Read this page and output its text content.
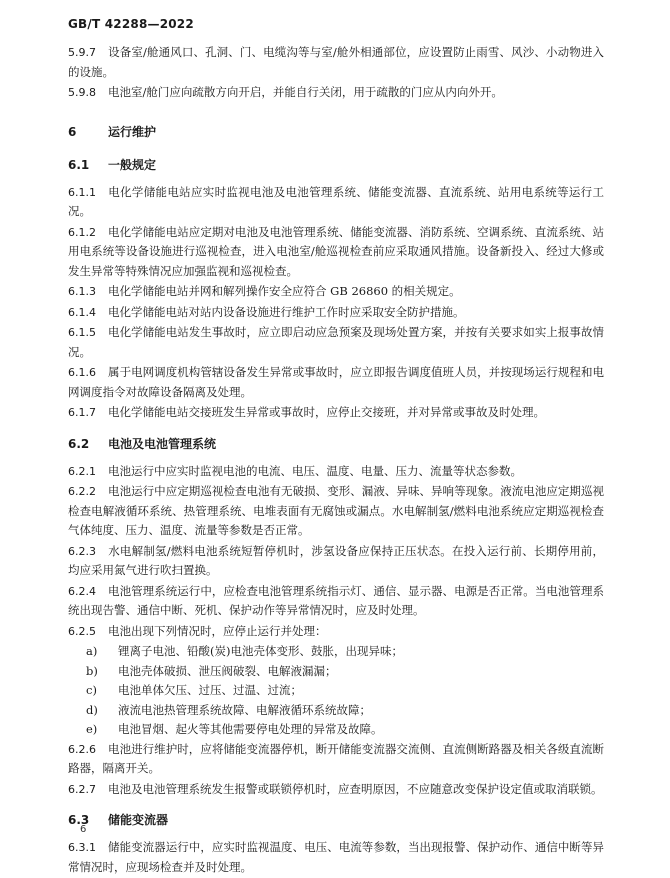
GB/T 42288—2022
5.9.7 设备室/舱通风口、孔洞、门、电缆沟等与室/舱外相通部位，应设置防止雨雪、风沙、小动物进入的设施。
5.9.8 电池室/舱门应向疏散方向开启，并能自行关闭，用于疏散的门应从内向外开。
6	运行维护
6.1 一般规定
6.1.1 电化学储能电站应实时监视电池及电池管理系统、储能变流器、直流系统、站用电系统等运行工况。
6.1.2 电化学储能电站应定期对电池及电池管理系统、储能变流器、消防系统、空调系统、直流系统、站用电系统等设备设施进行巡视检查，进入电池室/舱巡视检查前应采取通风措施。设备新投入、经过大修或发生异常等特殊情况应加强监视和巡视检查。
6.1.3 电化学储能电站并网和解列操作安全应符合 GB 26860 的相关规定。
6.1.4 电化学储能电站对站内设备设施进行维护工作时应采取安全防护措施。
6.1.5 电化学储能电站发生事故时，应立即启动应急预案及现场处置方案，并按有关要求如实上报事故情况。
6.1.6 属于电网调度机构管辖设备发生异常或事故时，应立即报告调度值班人员，并按现场运行规程和电网调度指令对故障设备隔离及处理。
6.1.7 电化学储能电站交接班发生异常或事故时，应停止交接班，并对异常或事故及时处理。
6.2 电池及电池管理系统
6.2.1 电池运行中应实时监视电池的电流、电压、温度、电量、压力、流量等状态参数。
6.2.2 电池运行中应定期巡视检查电池有无破损、变形、漏液、异味、异响等现象。液流电池应定期巡视检查电解液循环系统、热管理系统、电堆表面有无腐蚀或漏点。水电解制氢/燃料电池系统应定期巡视检查气体纯度、压力、温度、流量等参数是否正常。
6.2.3 水电解制氢/燃料电池系统短暂停机时，涉氢设备应保持正压状态。在投入运行前、长期停用前，均应采用氮气进行吹扫置换。
6.2.4 电池管理系统运行中，应检查电池管理系统指示灯、通信、显示器、电源是否正常。当电池管理系统出现告警、通信中断、死机、保护动作等异常情况时，应及时处理。
6.2.5 电池出现下列情况时，应停止运行并处理：
a) 锂离子电池、铅酸(炭)电池壳体变形、鼓胀，出现异味；
b) 电池壳体破损、泄压阀破裂、电解液漏漏；
c) 电池单体欠压、过压、过温、过流；
d) 液流电池热管理系统故障、电解液循环系统故障；
e) 电池冒烟、起火等其他需要停电处理的异常及故障。
6.2.6 电池进行维护时，应将储能变流器停机，断开储能变流器交流侧、直流侧断路器及相关各级直流断路器，隔离开关。
6.2.7 电池及电池管理系统发生报警或联锁停机时，应查明原因，不应随意改变保护设定值或取消联锁。
6.3 储能变流器
6.3.1 储能变流器运行中，应实时监视温度、电压、电流等参数，当出现报警、保护动作、通信中断等异常情况时，应现场检查并及时处理。
6
